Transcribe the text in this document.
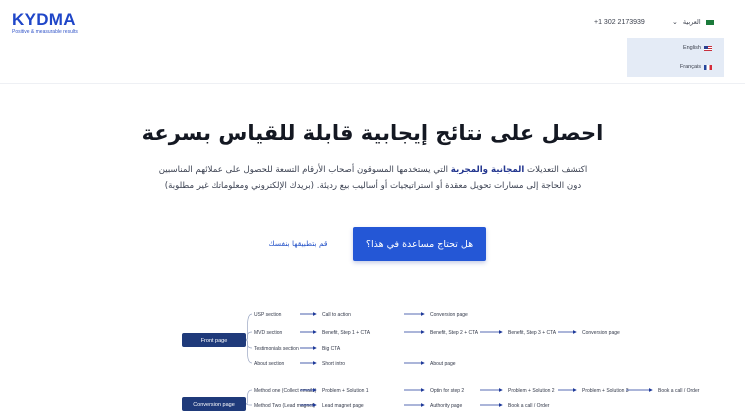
KYDMA
Positive & measurable results
+1 302 2173939	⌄ العربية
English
Français
احصل على نتائج إيجابية قابلة للقياس بسرعة

اكتشف التعديلات المجانية والمجربة التي يستخدمها المسوقون أصحاب الأرقام التسعة للحصول على عملائهم المناسبين دون الحاجة إلى مسارات تحويل معقدة أو استراتيجيات أو أساليب بيع رديئة. (بريدك الإلكتروني ومعلوماتك غير مطلوبة)

هل تحتاج مساعدة في هذا؟
قم بتطبيقها بنفسك
Front page
USP section	Call to action	Conversion page
MVD section	Benefit, Step 1 + CTA	Benefit, Step 2 + CTA	Benefit, Step 3 + CTA	Conversion page
Testimonials section	Big CTA
About section	Short intro	About page
Conversion page
Method one (Collect emails) Problem + Solution 1	Optin for step 2	Problem + Solution 2	Problem + Solution 3	Book a call / Order
Method Two (Lead magnet) Lead magnet page	Authority page	Book a call / Order
